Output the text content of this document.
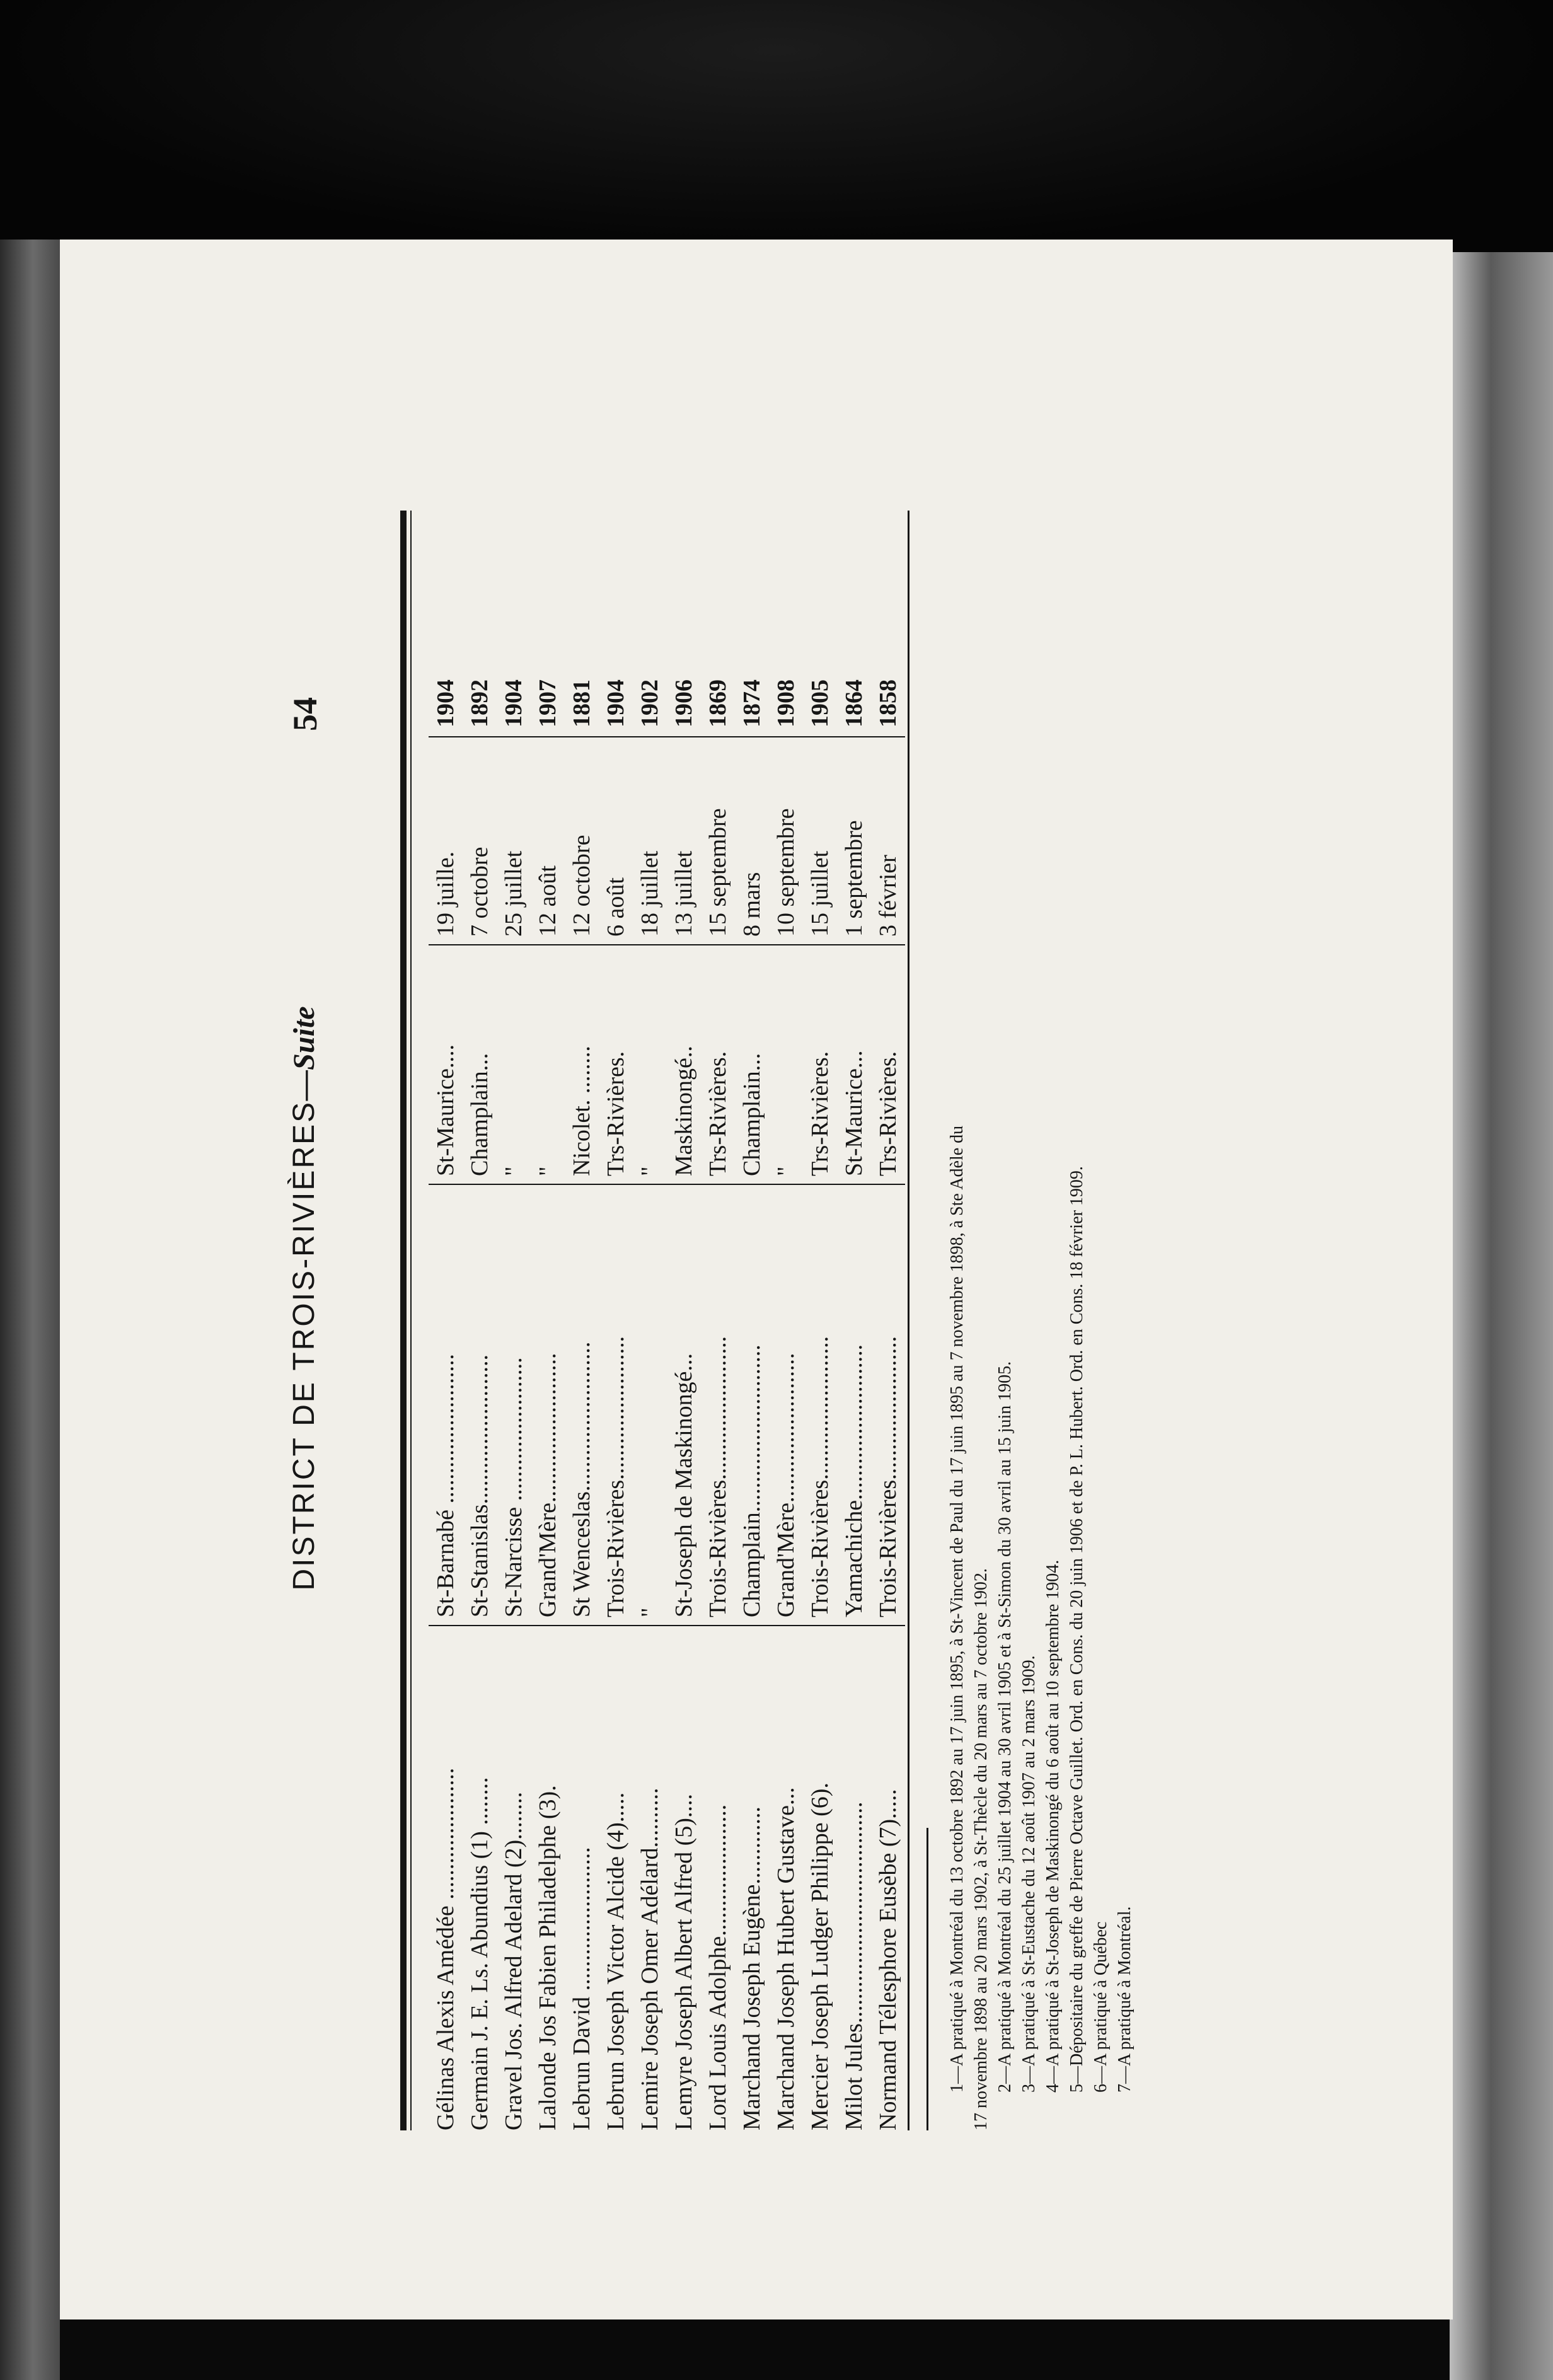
DISTRICT DE TROIS-RIVIÈRES—Suite
54
Gélinas Alexis Amédée ......................
St-Barnabé .........................
St-Maurice....
19 juille.
1904
Germain J. E. Ls. Abundius (1) ........
St-Stanislas.........................
Champlain...
7 octobre
1892
Gravel Jos. Alfred Adelard (2)........
St-Narcisse ........................
"
25 juillet
1904
Lalonde Jos Fabien Philadelphe (3).
Grand'Mère.........................
"
12 août
1907
Lebrun David ........................
St Wenceslas.........................
Nicolet. ........
12 octobre
1881
Lebrun Joseph Victor Alcide (4).....
Trois-Rivières........................
Trs-Rivières.
6 août
1904
Lemire Joseph Omer Adélard..........
"
"
18 juillet
1902
Lemyre Joseph Albert Alfred (5)....
St-Joseph de Maskinongé...
Maskinongé..
13 juillet
1906
Lord Louis Adolphe......................
Trois-Rivières........................
Trs-Rivières.
15 septembre
1869
Marchand Joseph Eugène.............
Champlain............................
Champlain...
8 mars
1874
Marchand Joseph Hubert Gustave...
Grand'Mère.........................
"
10 septembre
1908
Mercier Joseph Ludger Philippe (6).
Trois-Rivières........................
Trs-Rivières.
15 juillet
1905
Milot Jules.....................................
Yamachiche..........................
St-Maurice...
1 septembre
1864
Normand Télesphore Eusèbe (7).....
Trois-Rivières........................
Trs-Rivières.
3 février
1858
1—A pratiqué à Montréal du 13 octobre 1892 au 17 juin 1895, à St-Vincent de Paul du 17 juin 1895 au 7 novembre 1898, à Ste Adèle du 17 novembre 1898 au 20 mars 1902, à St-Thècle du 20 mars au 7 octobre 1902. 2—A pratiqué à Montréal du 25 juillet 1904 au 30 avril 1905 et à St-Simon du 30 avril au 15 juin 1905. 3—A pratiqué à St-Eustache du 12 août 1907 au 2 mars 1909. 4—A pratiqué à St-Joseph de Maskinongé du 6 août au 10 septembre 1904. 5—Dépositaire du greffe de Pierre Octave Guillet. Ord. en Cons. du 20 juin 1906 et de P. L. Hubert. Ord. en Cons. 18 février 1909. 6—A pratiqué à Québec 7—A pratiqué à Montréal.
